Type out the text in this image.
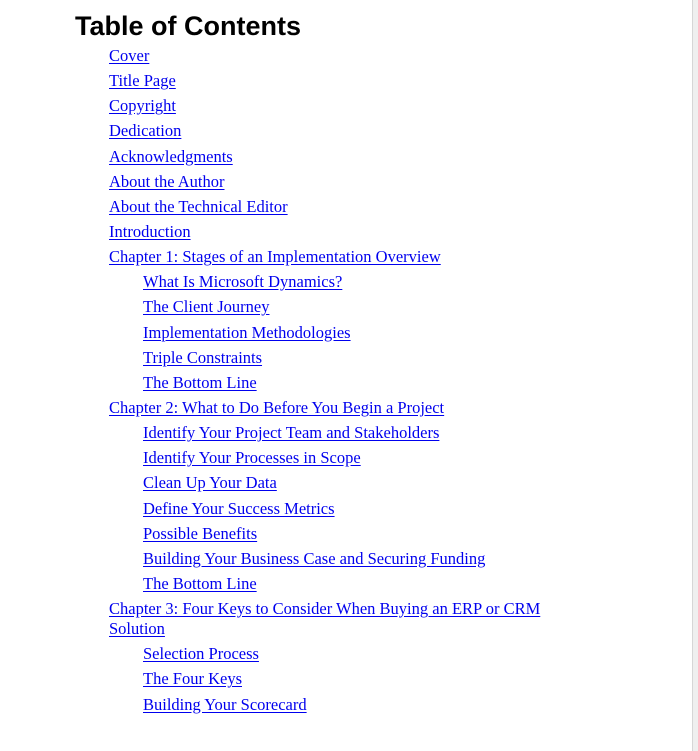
Table of Contents
Cover
Title Page
Copyright
Dedication
Acknowledgments
About the Author
About the Technical Editor
Introduction
Chapter 1: Stages of an Implementation Overview
What Is Microsoft Dynamics?
The Client Journey
Implementation Methodologies
Triple Constraints
The Bottom Line
Chapter 2: What to Do Before You Begin a Project
Identify Your Project Team and Stakeholders
Identify Your Processes in Scope
Clean Up Your Data
Define Your Success Metrics
Possible Benefits
Building Your Business Case and Securing Funding
The Bottom Line
Chapter 3: Four Keys to Consider When Buying an ERP or CRM Solution
Selection Process
The Four Keys
Building Your Scorecard
